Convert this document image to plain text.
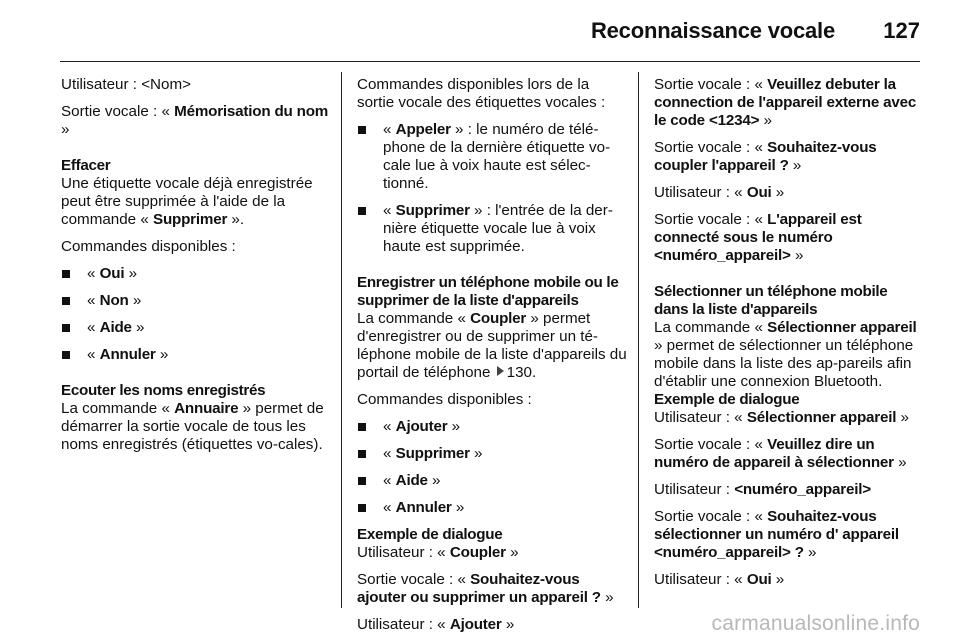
Reconnaissance vocale 127

Utilisateur : <Nom>

Sortie vocale : « Mémorisation du nom »

Effacer

Une étiquette vocale déjà enregistrée peut être supprimée à l'aide de la commande « Supprimer ».

Commandes disponibles :

« Oui »
« Non »
« Aide »
« Annuler »
Ecouter les noms enregistrés

La commande « Annuaire » permet de démarrer la sortie vocale de tous les noms enregistrés (étiquettes vo-cales).

Commandes disponibles lors de la sortie vocale des étiquettes vocales :

« Appeler » : le numéro de télé-phone de la dernière étiquette vo-cale lue à voix haute est sélec-tionné.
« Supprimer » : l'entrée de la der-nière étiquette vocale lue à voix haute est supprimée.
Enregistrer un téléphone mobile ou le supprimer de la liste d'appareils

La commande « Coupler » permet d'enregistrer ou de supprimer un té-léphone mobile de la liste d'appareils du portail de téléphone 130.

Commandes disponibles :

« Ajouter »
« Supprimer »
« Aide »
« Annuler »
Exemple de dialogue

Utilisateur : « Coupler »

Sortie vocale : « Souhaitez-vous ajouter ou supprimer un appareil ? »

Utilisateur : « Ajouter »

Sortie vocale : « Veuillez debuter la connection de l'appareil externe avec le code <1234> »

Sortie vocale : « Souhaitez-vous coupler l'appareil ? »

Utilisateur : « Oui »

Sortie vocale : « L'appareil est connecté sous le numéro <numéro_appareil> »

Sélectionner un téléphone mobile dans la liste d'appareils

La commande « Sélectionner appareil » permet de sélectionner un téléphone mobile dans la liste des ap-pareils afin d'établir une connexion Bluetooth.

Exemple de dialogue

Utilisateur : « Sélectionner appareil »

Sortie vocale : « Veuillez dire un numéro de appareil à sélectionner »

Utilisateur : <numéro_appareil>

Sortie vocale : « Souhaitez-vous sélectionner un numéro d' appareil <numéro_appareil> ? »

Utilisateur : « Oui »

carmanualsonline.info
